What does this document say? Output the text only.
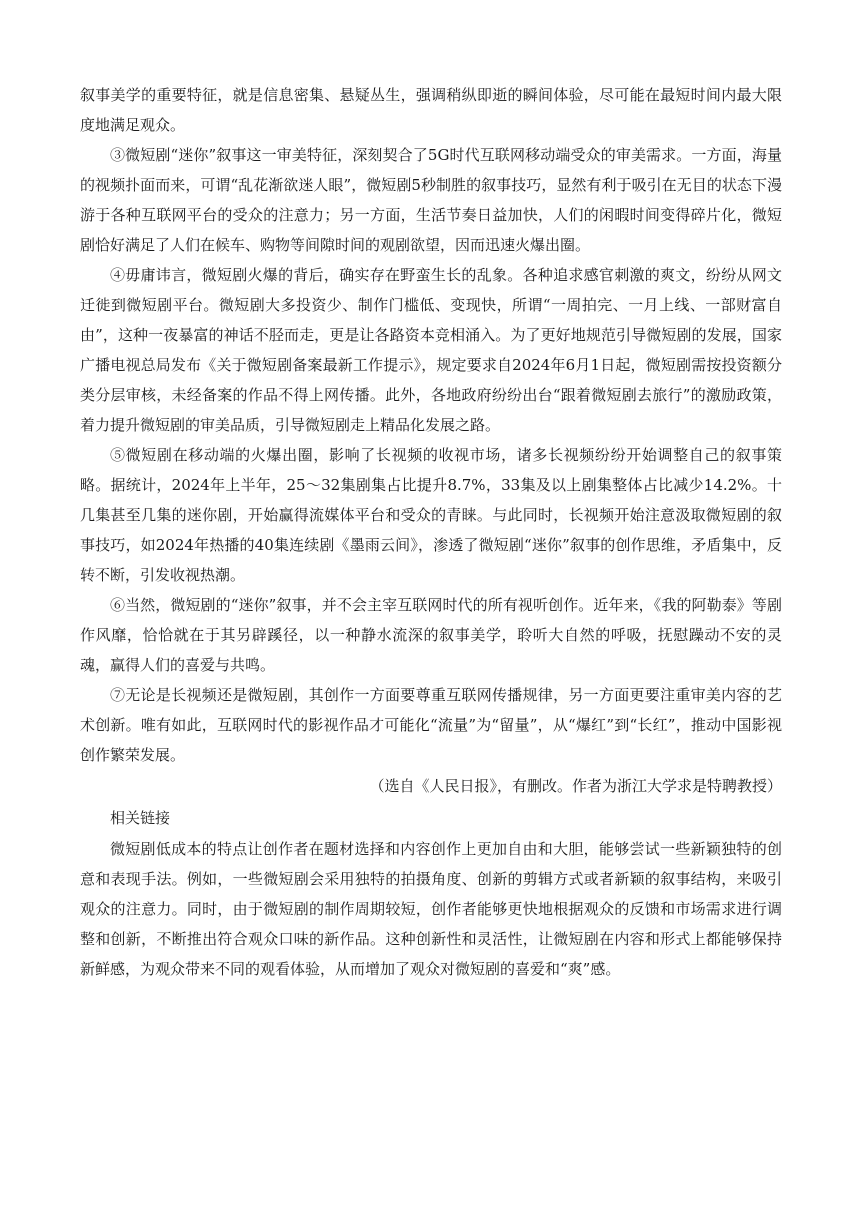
叙事美学的重要特征，就是信息密集、悬疑丛生，强调稍纵即逝的瞬间体验，尽可能在最短时间内最大限度地满足观众。

③微短剧“迷你”叙事这一审美特征，深刻契合了5G时代互联网移动端受众的审美需求。一方面，海量的视频扑面而来，可谓“乱花渐欲迷人眼”，微短剧5秒制胜的叙事技巧，显然有利于吸引在无目的状态下漫游于各种互联网平台的受众的注意力；另一方面，生活节奏日益加快，人们的闲暇时间变得碎片化，微短剧恰好满足了人们在候车、购物等间隙时间的观剧欲望，因而迅速火爆出圈。

④毋庸讳言，微短剧火爆的背后，确实存在野蛮生长的乱象。各种追求感官刺激的爽文，纷纷从网文迁徙到微短剧平台。微短剧大多投资少、制作门槛低、变现快，所谓“一周拍完、一月上线、一部财富自由”，这种一夜暴富的神话不胫而走，更是让各路资本竞相涌入。为了更好地规范引导微短剧的发展，国家广播电视总局发布《关于微短剧备案最新工作提示》，规定要求自2024年6月1日起，微短剧需按投资额分类分层审核，未经备案的作品不得上网传播。此外，各地政府纷纷出台“跟着微短剧去旅行”的激励政策，着力提升微短剧的审美品质，引导微短剧走上精品化发展之路。

⑤微短剧在移动端的火爆出圈，影响了长视频的收视市场，诸多长视频纷纷开始调整自己的叙事策略。据统计，2024年上半年，25～32集剧集占比提升8.7%，33集及以上剧集整体占比减少14.2%。十几集甚至几集的迷你剧，开始赢得流媒体平台和受众的青睐。与此同时，长视频开始注意汲取微短剧的叙事技巧，如2024年热播的40集连续剧《墨雨云间》，渗透了微短剧“迷你”叙事的创作思维，矛盾集中，反转不断，引发收视热潮。

⑥当然，微短剧的“迷你”叙事，并不会主宰互联网时代的所有视听创作。近年来，《我的阿勒泰》等剧作风靡，恰恰就在于其另辟蹊径，以一种静水流深的叙事美学，聆听大自然的呼吸，抚慰躁动不安的灵魂，赢得人们的喜爱与共鸣。

⑦无论是长视频还是微短剧，其创作一方面要尊重互联网传播规律，另一方面更要注重审美内容的艺术创新。唯有如此，互联网时代的影视作品才可能化“流量”为“留量”，从“爆红”到“长红”，推动中国影视创作繁荣发展。

（选自《人民日报》，有删改。作者为浙江大学求是特聘教授）

相关链接

微短剧低成本的特点让创作者在题材选择和内容创作上更加自由和大胆，能够尝试一些新颖独特的创意和表现手法。例如，一些微短剧会采用独特的拍摄角度、创新的剪辑方式或者新颖的叙事结构，来吸引观众的注意力。同时，由于微短剧的制作周期较短，创作者能够更快地根据观众的反馈和市场需求进行调整和创新，不断推出符合观众口味的新作品。这种创新性和灵活性，让微短剧在内容和形式上都能够保持新鲜感，为观众带来不同的观看体验，从而增加了观众对微短剧的喜爱和“爽”感。
